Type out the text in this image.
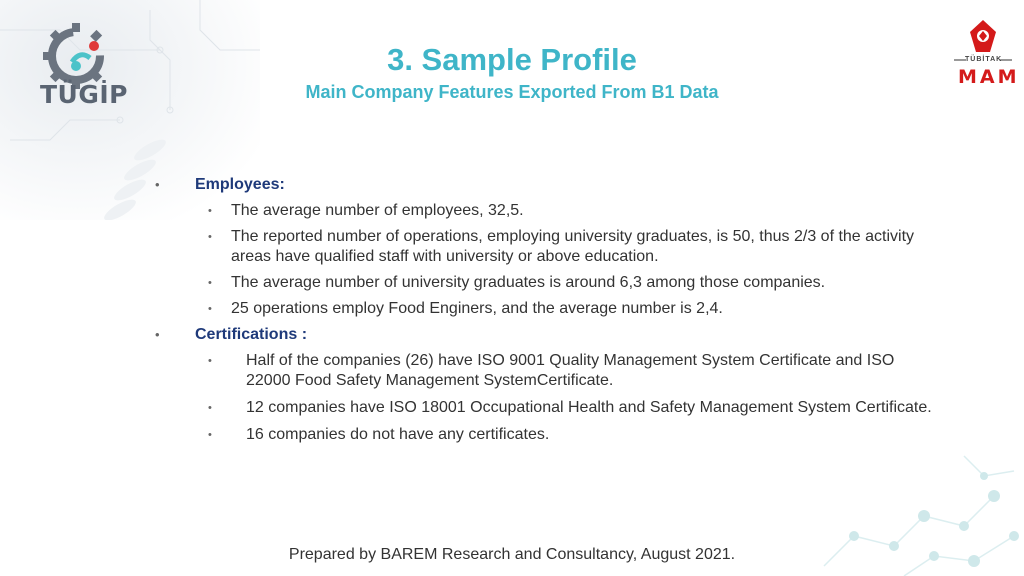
TÜGİP
TÜBİTAK
MAM
3. Sample Profile
Main Company Features Exported From B1 Data
• Employees:
• The average number of employees, 32,5.
• The reported number of operations, employing university graduates, is 50, thus 2/3 of the activity areas have qualified staff with university or above education.
• The average number of university graduates is around 6,3 among those companies.
• 25 operations employ Food Enginers, and the average number is 2,4.
• Certifications :
• Half of the companies (26) have ISO 9001 Quality Management System Certificate and ISO 22000 Food Safety Management SystemCertificate.
• 12 companies have ISO 18001 Occupational Health and Safety Management System Certificate.
• 16 companies do not have any certificates.
Prepared by BAREM Research and Consultancy, August 2021.
